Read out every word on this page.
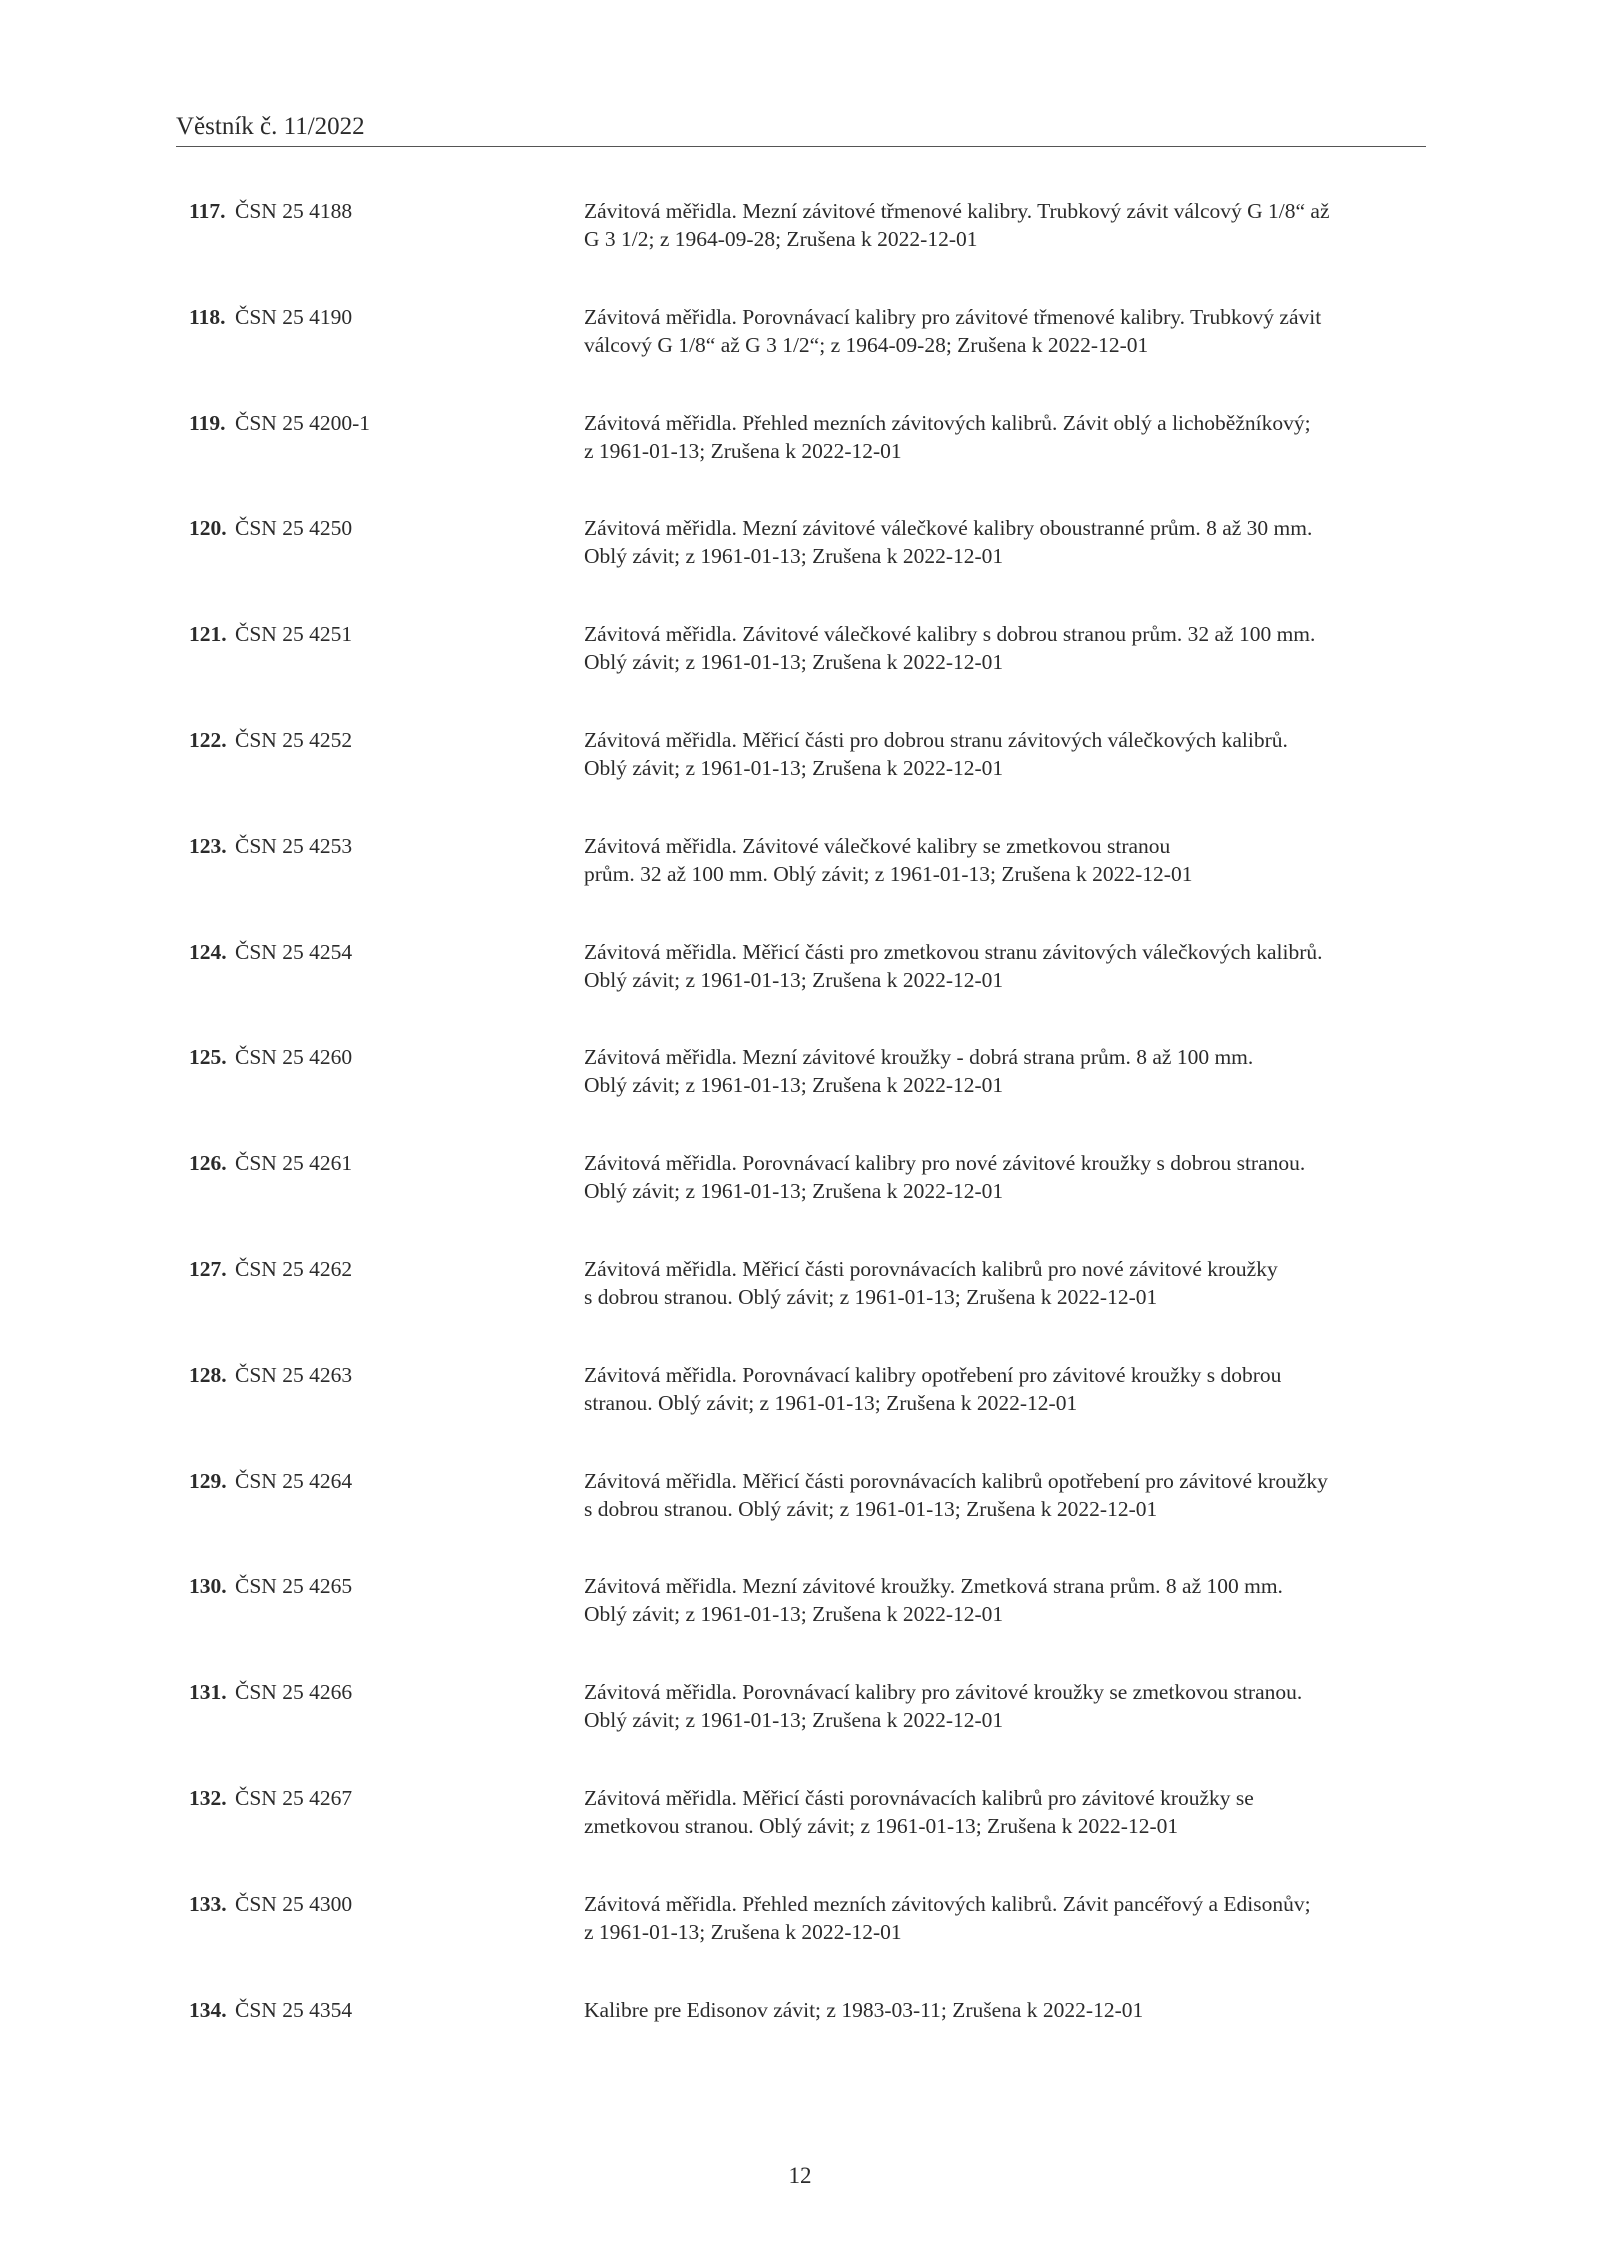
Věstník č. 11/2022
117. ČSN 25 4188	Závitová měřidla. Mezní závitové třmenové kalibry. Trubkový závit válcový G 1/8“ až
G 3 1/2; z 1964-09-28; Zrušena k 2022-12-01
118. ČSN 25 4190	Závitová měřidla. Porovnávací kalibry pro závitové třmenové kalibry. Trubkový závit
válcový G 1/8“ až G 3 1/2“; z 1964-09-28; Zrušena k 2022-12-01
119. ČSN 25 4200-1	Závitová měřidla. Přehled mezních závitových kalibrů. Závit oblý a lichoběžníkový;
z 1961-01-13; Zrušena k 2022-12-01
120. ČSN 25 4250	Závitová měřidla. Mezní závitové válečkové kalibry oboustranné prům. 8 až 30 mm.
Oblý závit; z 1961-01-13; Zrušena k 2022-12-01
121. ČSN 25 4251	Závitová měřidla. Závitové válečkové kalibry s dobrou stranou prům. 32 až 100 mm.
Oblý závit; z 1961-01-13; Zrušena k 2022-12-01
122. ČSN 25 4252	Závitová měřidla. Měřicí části pro dobrou stranu závitových válečkových kalibrů.
Oblý závit; z 1961-01-13; Zrušena k 2022-12-01
123. ČSN 25 4253	Závitová měřidla. Závitové válečkové kalibry se zmetkovou stranou
prům. 32 až 100 mm. Oblý závit; z 1961-01-13; Zrušena k 2022-12-01
124. ČSN 25 4254	Závitová měřidla. Měřicí části pro zmetkovou stranu závitových válečkových kalibrů.
Oblý závit; z 1961-01-13; Zrušena k 2022-12-01
125. ČSN 25 4260	Závitová měřidla. Mezní závitové kroužky - dobrá strana prům. 8 až 100 mm.
Oblý závit; z 1961-01-13; Zrušena k 2022-12-01
126. ČSN 25 4261	Závitová měřidla. Porovnávací kalibry pro nové závitové kroužky s dobrou stranou.
Oblý závit; z 1961-01-13; Zrušena k 2022-12-01
127. ČSN 25 4262	Závitová měřidla. Měřicí části porovnávacích kalibrů pro nové závitové kroužky
s dobrou stranou. Oblý závit; z 1961-01-13; Zrušena k 2022-12-01
128. ČSN 25 4263	Závitová měřidla. Porovnávací kalibry opotřebení pro závitové kroužky s dobrou
stranou. Oblý závit; z 1961-01-13; Zrušena k 2022-12-01
129. ČSN 25 4264	Závitová měřidla. Měřicí části porovnávacích kalibrů opotřebení pro závitové kroužky
s dobrou stranou. Oblý závit; z 1961-01-13; Zrušena k 2022-12-01
130. ČSN 25 4265	Závitová měřidla. Mezní závitové kroužky. Zmetková strana prům. 8 až 100 mm.
Oblý závit; z 1961-01-13; Zrušena k 2022-12-01
131. ČSN 25 4266	Závitová měřidla. Porovnávací kalibry pro závitové kroužky se zmetkovou stranou.
Oblý závit; z 1961-01-13; Zrušena k 2022-12-01
132. ČSN 25 4267	Závitová měřidla. Měřicí části porovnávacích kalibrů pro závitové kroužky se
zmetkovou stranou. Oblý závit; z 1961-01-13; Zrušena k 2022-12-01
133. ČSN 25 4300	Závitová měřidla. Přehled mezních závitových kalibrů. Závit pancéřový a Edisonův;
z 1961-01-13; Zrušena k 2022-12-01
134. ČSN 25 4354	Kalibre pre Edisonov závit; z 1983-03-11; Zrušena k 2022-12-01
12
